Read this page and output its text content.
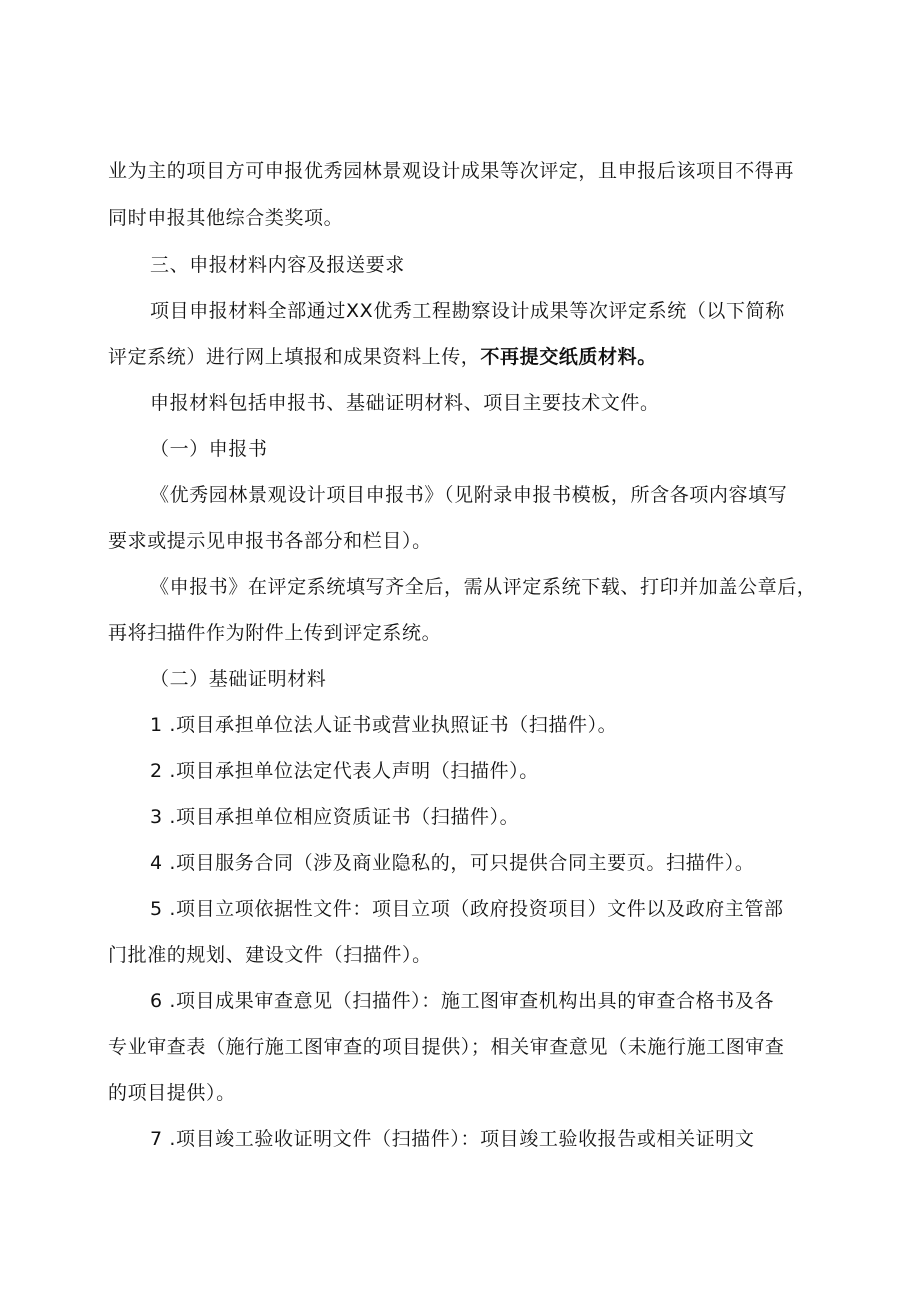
业为主的项目方可申报优秀园林景观设计成果等次评定，且申报后该项目不得再
同时申报其他综合类奖项。
三、申报材料内容及报送要求
项目申报材料全部通过XX优秀工程勘察设计成果等次评定系统（以下简称
评定系统）进行网上填报和成果资料上传，不再提交纸质材料。
申报材料包括申报书、基础证明材料、项目主要技术文件。
（一）申报书
《优秀园林景观设计项目申报书》（见附录申报书模板，所含各项内容填写
要求或提示见申报书各部分和栏目）。
《申报书》在评定系统填写齐全后，需从评定系统下载、打印并加盖公章后，
再将扫描件作为附件上传到评定系统。
（二）基础证明材料
1 .项目承担单位法人证书或营业执照证书（扫描件）。
2 .项目承担单位法定代表人声明（扫描件）。
3 .项目承担单位相应资质证书（扫描件）。
4 .项目服务合同（涉及商业隐私的，可只提供合同主要页。扫描件）。
5 .项目立项依据性文件：项目立项（政府投资项目）文件以及政府主管部
门批准的规划、建设文件（扫描件）。
6 .项目成果审查意见（扫描件）：施工图审查机构出具的审查合格书及各
专业审查表（施行施工图审查的项目提供）；相关审查意见（未施行施工图审查
的项目提供）。
7 .项目竣工验收证明文件（扫描件）：项目竣工验收报告或相关证明文
